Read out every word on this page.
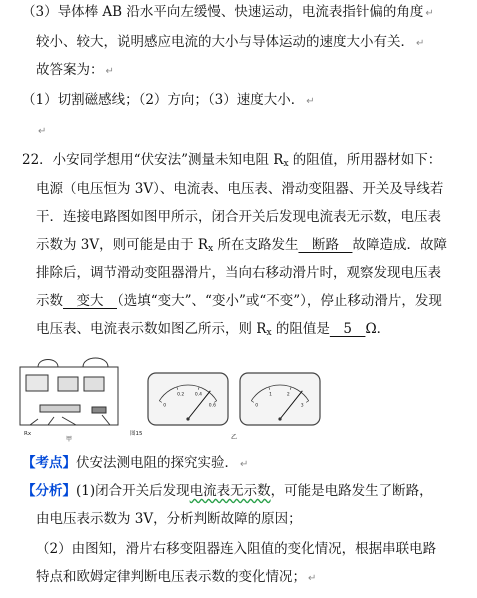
（3）导体棒 AB 沿水平向左缓慢、快速运动，电流表指针偏的角度 ↵
较小、较大，说明感应电流的大小与导体运动的速度大小有关． ↵
故答案为： ↵
（1）切割磁感线；（2）方向；（3）速度大小． ↵
↵
22．小安同学想用“伏安法”测量未知电阻 $R_x$ 的阻值，所用器材如下：
电源（电压恒为 3V）、电流表、电压表、滑动变阻器、开关及导线若
干．连接电路图如图甲所示，闭合开关后发现电流表无示数，电压表
示数为 3V，则可能是由于 $R_x$ 所在支路发生　断路　故障造成．故障
排除后，调节滑动变阻器滑片，当向右移动滑片时，观察发现电压表
示数　变大　（选填“变大”、“变小”或“不变”），停止移动滑片，发现
电压表、电流表示数如图乙所示，则 $R_x$ 的阻值是　5　Ω．
Rx
甲
图15
0
0.2 0.4
0.6	0
1	2
3
乙
【考点】伏安法测电阻的探究实验． ↵
【分析】(1)闭合开关后发现电流表无示数，可能是电路发生了断路，
由电压表示数为 3V，分析判断故障的原因；
（2）由图知，滑片右移变阻器连入阻值的变化情况，根据串联电路
特点和欧姆定律判断电压表示数的变化情况； ↵
